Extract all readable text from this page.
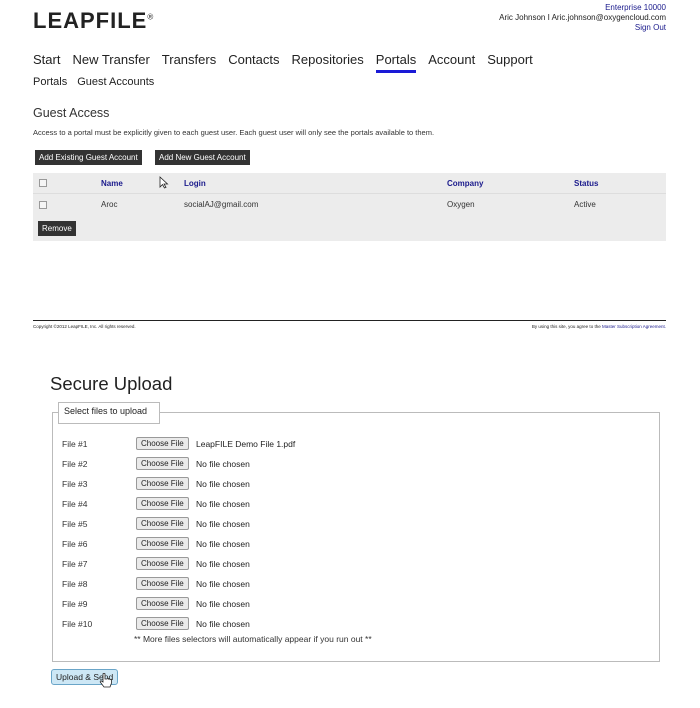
LEAPFILE®
Enterprise 10000
Aric Johnson I Aric.johnson@oxygencloud.com
Sign Out
Start New Transfer Transfers Contacts Repositories Portals Account Support
Portals Guest Accounts
Guest Access
Access to a portal must be explicitly given to each guest user. Each guest user will only see the portals available to them.
Add Existing Guest Account	Add New Guest Account
Name	Login	Company	Status
Aroc	socialAJ@gmail.com	Oxygen	Active
Remove
Copyright ©2012 LeapFILE, Inc. All rights reserved.	By using this site, you agree to the Master Subscription Agreement.
Secure Upload
Select files to upload
File #1	Choose File	LeapFILE Demo File 1.pdf
File #2	Choose File	No file chosen
File #3	Choose File	No file chosen
File #4	Choose File	No file chosen
File #5	Choose File	No file chosen
File #6	Choose File	No file chosen
File #7	Choose File	No file chosen
File #8	Choose File	No file chosen
File #9	Choose File	No file chosen
File #10	Choose File	No file chosen
** More files selectors will automatically appear if you run out **
Upload & Send
